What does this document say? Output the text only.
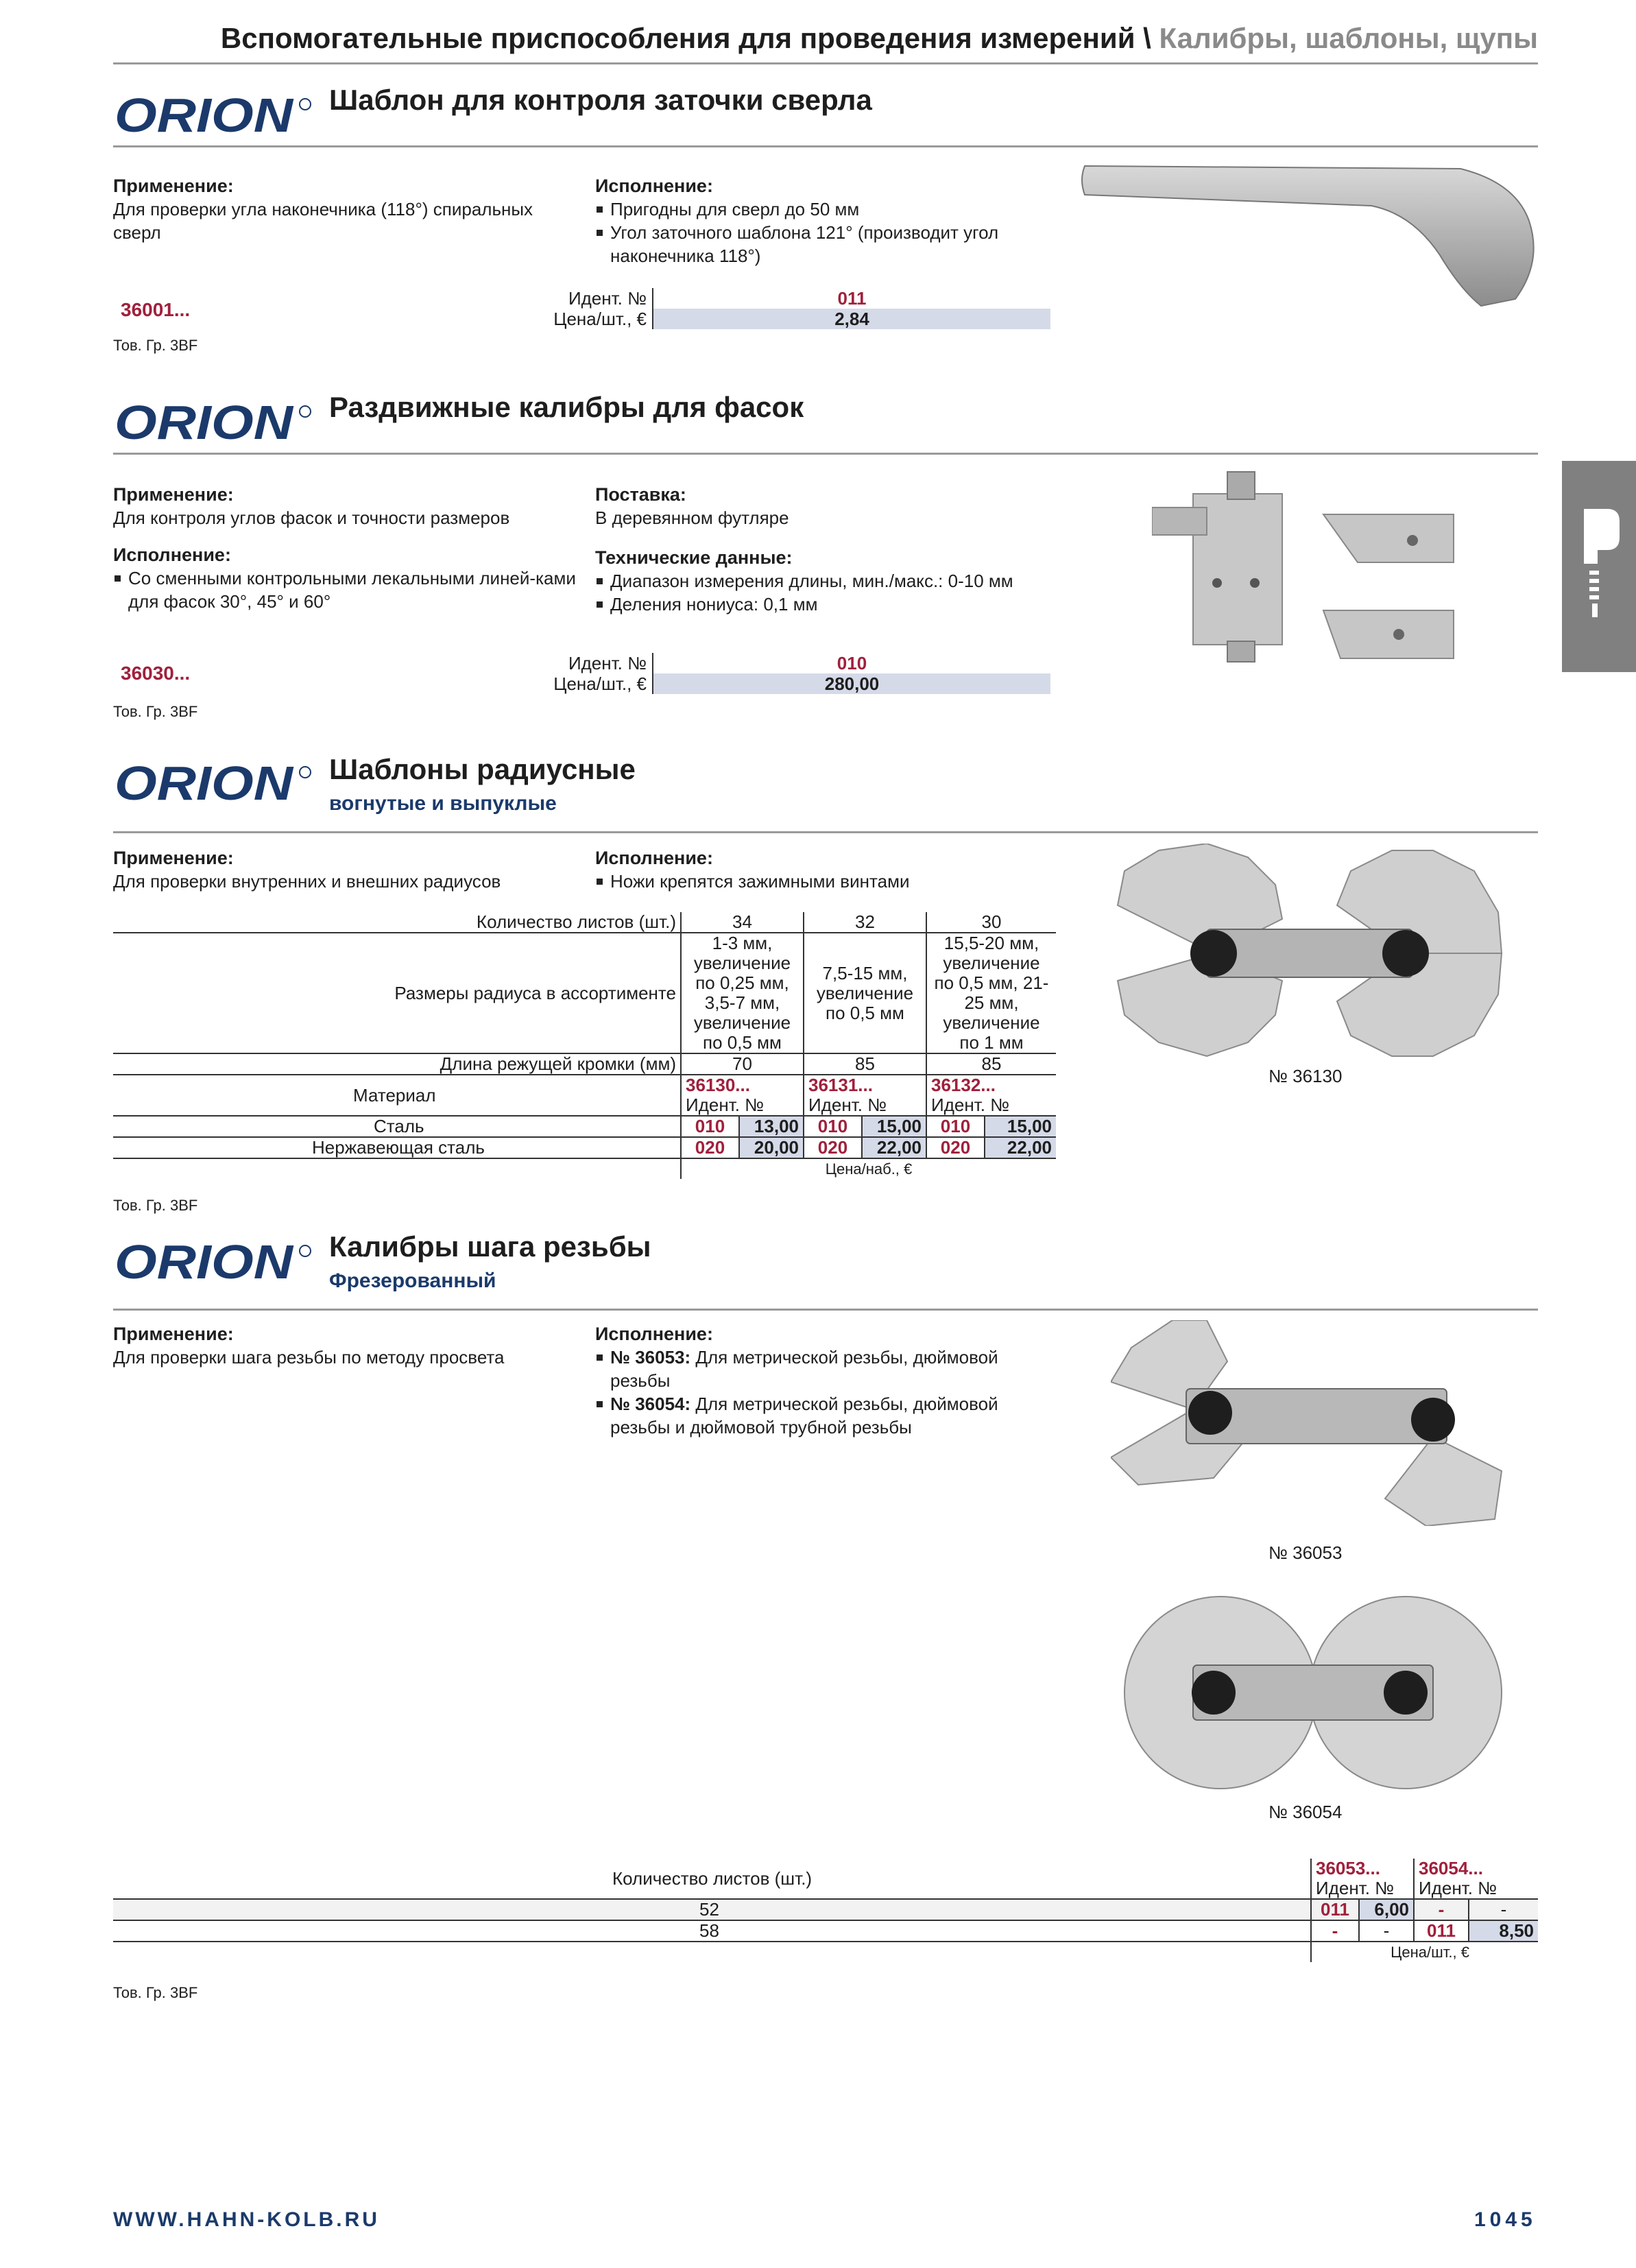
Вспомогательные приспособления для проведения измерений \ Калибры, шаблоны, щупы
ORION Шаблон для контроля заточки сверла
Применение:
Для проверки угла наконечника (118°) спиральных сверл
Исполнение:
Пригодны для сверл до 50 мм
Угол заточного шаблона 121° (производит угол наконечника 118°)
36001...
Идент. №	011
Цена/шт., €	2,84
Тов. Гр. 3BF
ORION Раздвижные калибры для фасок
Применение:
Для контроля углов фасок и точности размеров
Исполнение:
Со сменными контрольными лекальными линей-ками для фасок 30°, 45° и 60°
Поставка:
В деревянном футляре
Технические данные:
Диапазон измерения длины, мин./макс.: 0-10 мм
Деления нониуса: 0,1 мм
36030...	Идент. №	010
Цена/шт., €	280,00
Тов. Гр. 3BF
ORION Шаблоны радиусные
вогнутые и выпуклые
Применение:
Для проверки внутренних и внешних радиусов
Исполнение:
Ножи крепятся зажимными винтами
Количество листов (шт.)	34		32		30	
Размеры радиуса в ассортименте	1-3 мм, увеличение по 0,25 мм, 3,5-7 мм, увеличение по 0,5 мм		7,5-15 мм, увеличение по 0,5 мм		15,5-20 мм, увеличение по 0,5 мм, 21-25 мм, увеличение по 1 мм	
Длина режущей кромки (мм)	70		85		85	
Материал	36130...		36131...		36132...	
	Идент. №		Идент. №		Идент. №	
Сталь	010	13,00	010	15,00	010	15,00
Нержавеющая сталь	020	20,00	020	22,00	020	22,00
	Цена/наб., €					
Тов. Гр. 3BF
№ 36130
ORION Калибры шага резьбы
Фрезерованный
Применение:
Для проверки шага резьбы по методу просвета
Исполнение:
№ 36053: Для метрической резьбы, дюймовой резьбы
№ 36054: Для метрической резьбы, дюймовой резьбы и дюймовой трубной резьбы
№ 36053
№ 36054
Количество листов (шт.)	36053...		36054...	
	Идент. №		Идент. №	
52	011	6,00	-	-
58	-	-	011	8,50
	Цена/шт., €			
Тов. Гр. 3BF
WWW.HAHN-KOLB.RU	1045
